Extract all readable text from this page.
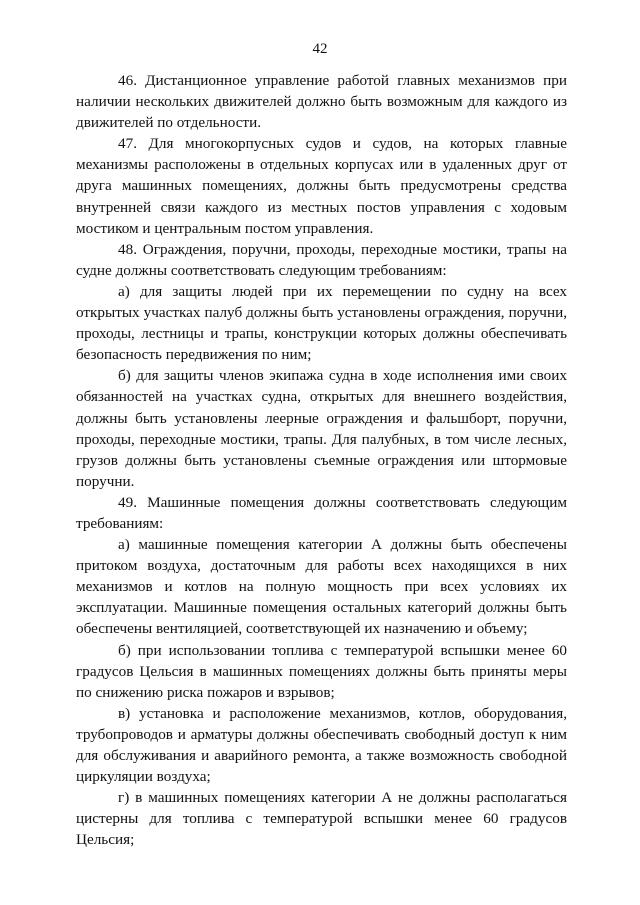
42

46. Дистанционное управление работой главных механизмов при наличии нескольких движителей должно быть возможным для каждого из движителей по отдельности.

47. Для многокорпусных судов и судов, на которых главные механизмы расположены в отдельных корпусах или в удаленных друг от друга машинных помещениях, должны быть предусмотрены средства внутренней связи каждого из местных постов управления с ходовым мостиком и центральным постом управления.

48. Ограждения, поручни, проходы, переходные мостики, трапы на судне должны соответствовать следующим требованиям:

а) для защиты людей при их перемещении по судну на всех открытых участках палуб должны быть установлены ограждения, поручни, проходы, лестницы и трапы, конструкции которых должны обеспечивать безопасность передвижения по ним;

б) для защиты членов экипажа судна в ходе исполнения ими своих обязанностей на участках судна, открытых для внешнего воздействия, должны быть установлены леерные ограждения и фальшборт, поручни, проходы, переходные мостики, трапы. Для палубных, в том числе лесных, грузов должны быть установлены съемные ограждения или штормовые поручни.

49. Машинные помещения должны соответствовать следующим требованиям:

а) машинные помещения категории А должны быть обеспечены притоком воздуха, достаточным для работы всех находящихся в них механизмов и котлов на полную мощность при всех условиях их эксплуатации. Машинные помещения остальных категорий должны быть обеспечены вентиляцией, соответствующей их назначению и объему;

б) при использовании топлива с температурой вспышки менее 60 градусов Цельсия в машинных помещениях должны быть приняты меры по снижению риска пожаров и взрывов;

в) установка и расположение механизмов, котлов, оборудования, трубопроводов и арматуры должны обеспечивать свободный доступ к ним для обслуживания и аварийного ремонта, а также возможность свободной циркуляции воздуха;

г) в машинных помещениях категории А не должны располагаться цистерны для топлива с температурой вспышки менее 60 градусов Цельсия;
